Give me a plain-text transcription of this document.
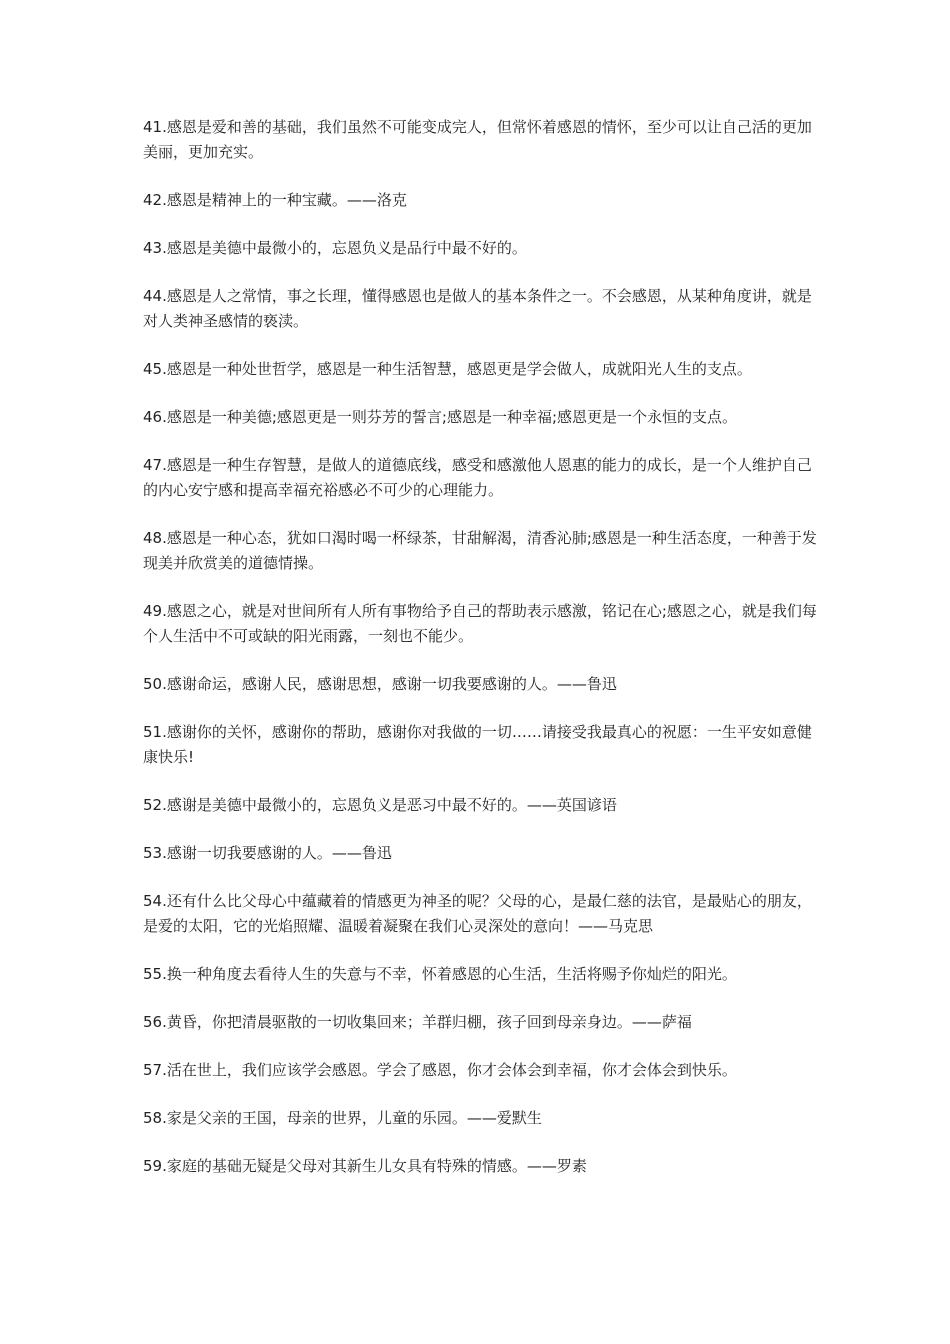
41.感恩是爱和善的基础，我们虽然不可能变成完人，但常怀着感恩的情怀，至少可以让自己活的更加美丽，更加充实。

42.感恩是精神上的一种宝藏。——洛克

43.感恩是美德中最微小的，忘恩负义是品行中最不好的。

44.感恩是人之常情，事之长理，懂得感恩也是做人的基本条件之一。不会感恩，从某种角度讲，就是对人类神圣感情的亵渎。

45.感恩是一种处世哲学，感恩是一种生活智慧，感恩更是学会做人，成就阳光人生的支点。

46.感恩是一种美德;感恩更是一则芬芳的誓言;感恩是一种幸福;感恩更是一个永恒的支点。

47.感恩是一种生存智慧，是做人的道德底线，感受和感激他人恩惠的能力的成长，是一个人维护自己的内心安宁感和提高幸福充裕感必不可少的心理能力。

48.感恩是一种心态，犹如口渴时喝一杯绿茶，甘甜解渴，清香沁肺;感恩是一种生活态度，一种善于发现美并欣赏美的道德情操。

49.感恩之心，就是对世间所有人所有事物给予自己的帮助表示感激，铭记在心;感恩之心，就是我们每个人生活中不可或缺的阳光雨露，一刻也不能少。

50.感谢命运，感谢人民，感谢思想，感谢一切我要感谢的人。——鲁迅

51.感谢你的关怀，感谢你的帮助，感谢你对我做的一切……请接受我最真心的祝愿：一生平安如意健康快乐!

52.感谢是美德中最微小的，忘恩负义是恶习中最不好的。——英国谚语

53.感谢一切我要感谢的人。——鲁迅

54.还有什么比父母心中蕴藏着的情感更为神圣的呢？父母的心，是最仁慈的法官，是最贴心的朋友，是爱的太阳，它的光焰照耀、温暖着凝聚在我们心灵深处的意向！——马克思

55.换一种角度去看待人生的失意与不幸，怀着感恩的心生活，生活将赐予你灿烂的阳光。

56.黄昏，你把清晨驱散的一切收集回来；羊群归棚，孩子回到母亲身边。——萨福

57.活在世上，我们应该学会感恩。学会了感恩，你才会体会到幸福，你才会体会到快乐。

58.家是父亲的王国，母亲的世界，儿童的乐园。——爱默生

59.家庭的基础无疑是父母对其新生儿女具有特殊的情感。——罗素
